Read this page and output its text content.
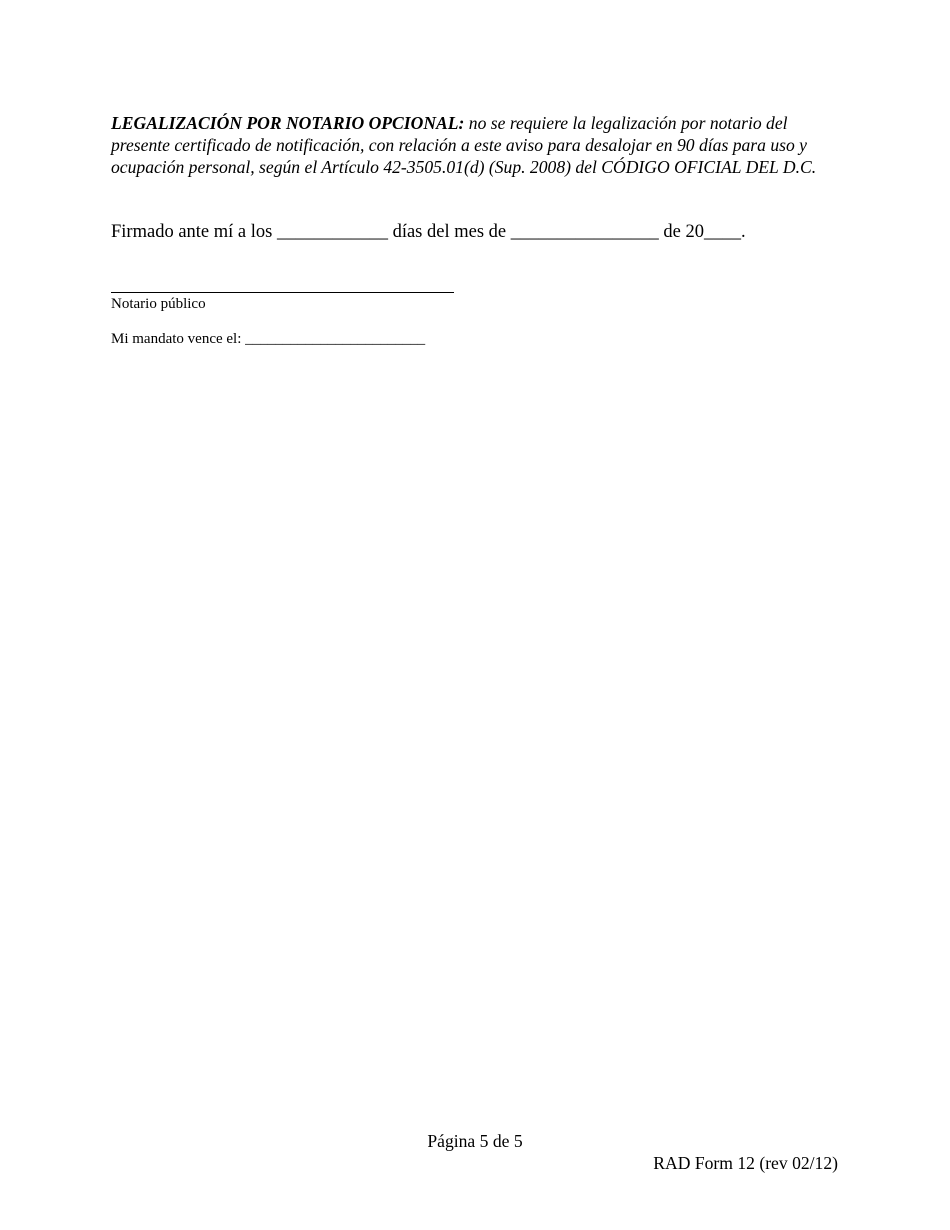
LEGALIZACIÓN POR NOTARIO OPCIONAL: no se requiere la legalización por notario del presente certificado de notificación, con relación a este aviso para desalojar en 90 días para uso y ocupación personal, según el Artículo 42-3505.01(d) (Sup. 2008) del CÓDIGO OFICIAL DEL D.C.

Firmado ante mí a los ____________ días del mes de ________________ de 20____.

Notario público

Mi mandato vence el: ________________________

Página 5 de 5

RAD Form 12 (rev 02/12)
